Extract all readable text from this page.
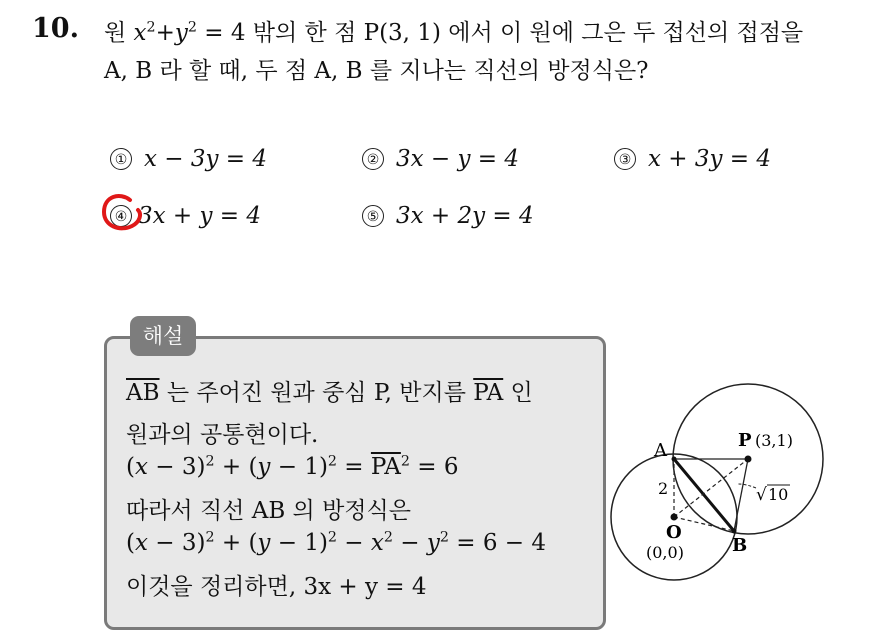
10. 원 $x^2+y^2 = 4$ 밖의 한 점 P(3, 1) 에서 이 원에 그은 두 접선의 접점을
A, B 라 할 때, 두 점 A, B 를 지나는 직선의 방정식은?
① x − 3y = 4	② 3x − y = 4	③ x + 3y = 4
④ 3x + y = 4	⑤ 3x + 2y = 4
해설
$\overline{AB}$ 는 주어진 원과 중심 P, 반지름 $\overline{PA}$ 인
원과의 공통현이다.
$(x - 3)^2 + (y - 1)^2 = \overline{PA}^2 = 6$
따라서 직선 AB 의 방정식은
$(x - 3)^2 + (y - 1)^2 - x^2 - y^2 = 6 - 4$
이것을 정리하면, 3x + y = 4
A	P (3,1)
2	√ 10
O
(0,0)	B
